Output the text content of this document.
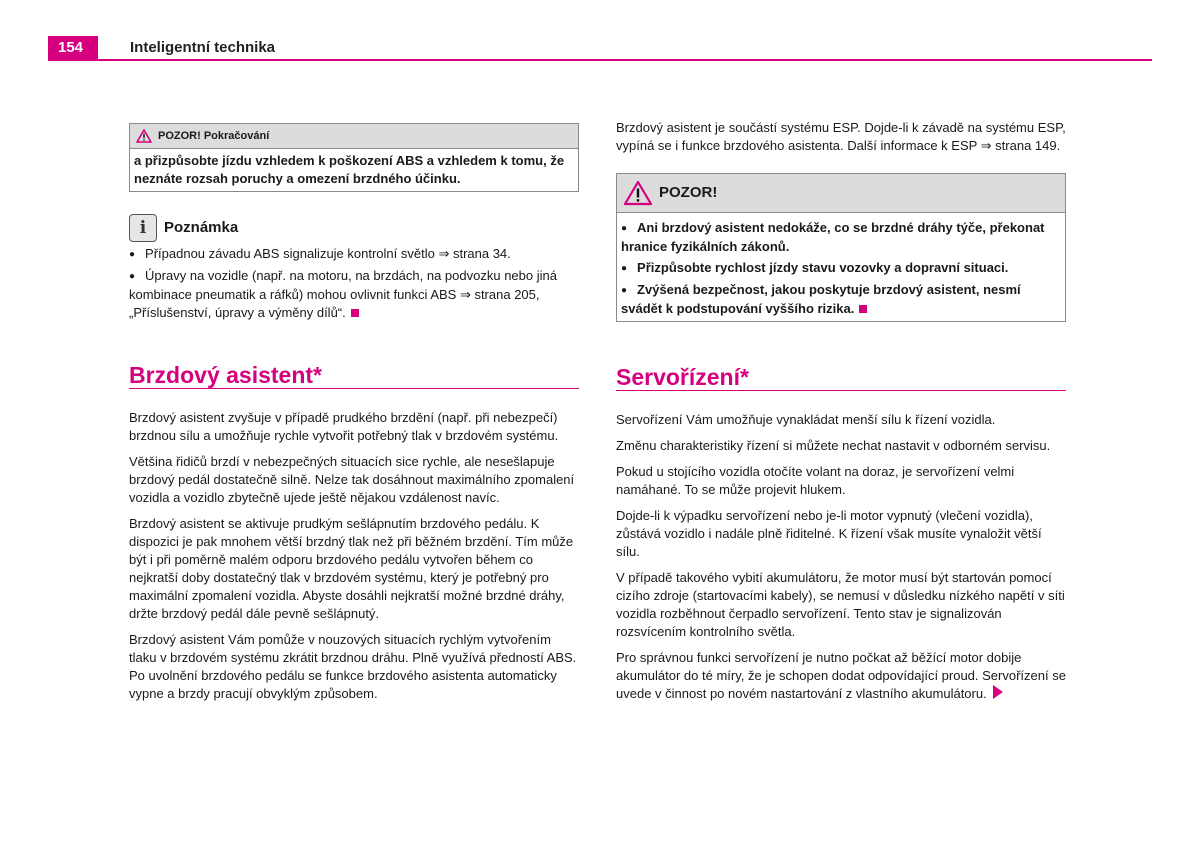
154	Inteligentní technika
POZOR! Pokračování
a přizpůsobte jízdu vzhledem k poškození ABS a vzhledem k tomu, že neznáte rozsah poruchy a omezení brzdného účinku.
i	Poznámka
● Případnou závadu ABS signalizuje kontrolní světlo ⇒ strana 34.
● Úpravy na vozidle (např. na motoru, na brzdách, na podvozku nebo jiná kombinace pneumatik a ráfků) mohou ovlivnit funkci ABS ⇒ strana 205, „Příslušenství, úpravy a výměny dílů“.
Brzdový asistent*

Brzdový asistent zvyšuje v případě prudkého brzdění (např. při nebezpečí) brzdnou sílu a umožňuje rychle vytvořit potřebný tlak v brzdovém systému.

Většina řidičů brzdí v nebezpečných situacích sice rychle, ale nesešlapuje brzdový pedál dostatečně silně. Nelze tak dosáhnout maximálního zpomalení vozidla a vozidlo zbytečně ujede ještě nějakou vzdálenost navíc.

Brzdový asistent se aktivuje prudkým sešlápnutím brzdového pedálu. K dispozici je pak mnohem větší brzdný tlak než při běžném brzdění. Tím může být i při poměrně malém odporu brzdového pedálu vytvořen během co nejkratší doby dostatečný tlak v brzdovém systému, který je potřebný pro maximální zpomalení vozidla. Abyste dosáhli nejkratší možné brzdné dráhy, držte brzdový pedál dále pevně sešlápnutý.

Brzdový asistent Vám pomůže v nouzových situacích rychlým vytvořením tlaku v brzdovém systému zkrátit brzdnou dráhu. Plně využívá předností ABS. Po uvolnění brzdového pedálu se funkce brzdového asistenta automaticky vypne a brzdy pracují obvyklým způsobem.

Brzdový asistent je součástí systému ESP. Dojde-li k závadě na systému ESP, vypíná se i funkce brzdového asistenta. Další informace k ESP ⇒ strana 149.

POZOR!
● Ani brzdový asistent nedokáže, co se brzdné dráhy týče, překonat hranice fyzikálních zákonů.
● Přizpůsobte rychlost jízdy stavu vozovky a dopravní situaci.
● Zvýšená bezpečnost, jakou poskytuje brzdový asistent, nesmí svádět k podstupování vyššího rizika.
Servořízení*

Servořízení Vám umožňuje vynakládat menší sílu k řízení vozidla.

Změnu charakteristiky řízení si můžete nechat nastavit v odborném servisu.

Pokud u stojícího vozidla otočíte volant na doraz, je servořízení velmi namáhané. To se může projevit hlukem.

Dojde-li k výpadku servořízení nebo je-li motor vypnutý (vlečení vozidla), zůstává vozidlo i nadále plně řiditelné. K řízení však musíte vynaložit větší sílu.

V případě takového vybití akumulátoru, že motor musí být startován pomocí cizího zdroje (startovacími kabely), se nemusí v důsledku nízkého napětí v síti vozidla rozběhnout čerpadlo servořízení. Tento stav je signalizován rozsvícením kontrolního světla.

Pro správnou funkci servořízení je nutno počkat až běžící motor dobije akumulátor do té míry, že je schopen dodat odpovídající proud. Servořízení se uvede v činnost po novém nastartování z vlastního akumulátoru.
